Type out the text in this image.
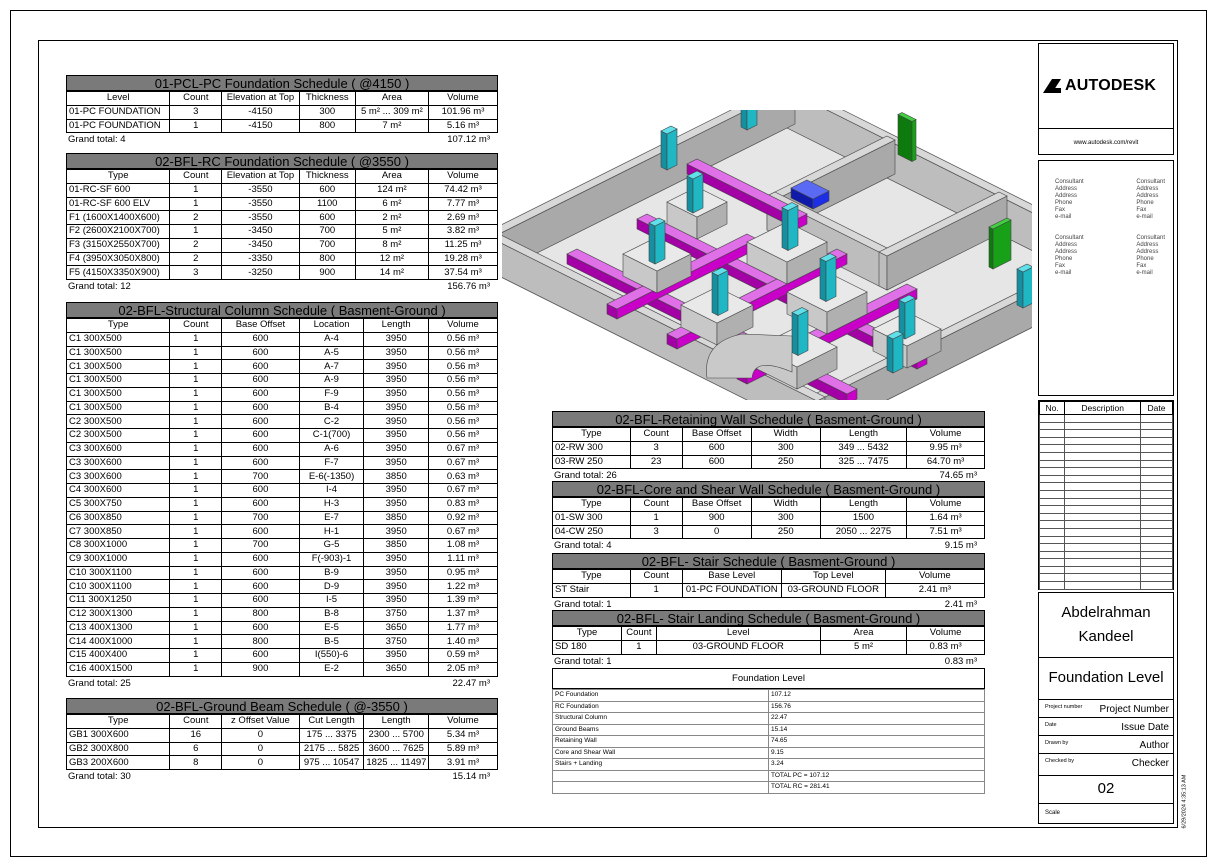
01-PCL-PC Foundation Schedule ( @4150 )
Level	Count	Elevation at Top	Thickness	Area	Volume
01-PC FOUNDATION	3	-4150	300	5 m² ... 309 m²	101.96 m³
01-PC FOUNDATION	1	-4150	800	7 m²	5.16 m³
Grand total: 4	107.12 m³
02-BFL-RC Foundation Schedule ( @3550 )
Type	Count	Elevation at Top	Thickness	Area	Volume
01-RC-SF 600	1	-3550	600	124 m²	74.42 m³
01-RC-SF 600 ELV	1	-3550	1100	6 m²	7.77 m³
F1 (1600X1400X600)	2	-3550	600	2 m²	2.69 m³
F2 (2600X2100X700)	1	-3450	700	5 m²	3.82 m³
F3 (3150X2550X700)	2	-3450	700	8 m²	11.25 m³
F4 (3950X3050X800)	2	-3350	800	12 m²	19.28 m³
F5 (4150X3350X900)	3	-3250	900	14 m²	37.54 m³
Grand total: 12	156.76 m³
02-BFL-Structural Column Schedule ( Basment-Ground )
Type	Count	Base Offset	Location	Length	Volume
C1 300X500	1	600	A-4	3950	0.56 m³
C1 300X500	1	600	A-5	3950	0.56 m³
C1 300X500	1	600	A-7	3950	0.56 m³
C1 300X500	1	600	A-9	3950	0.56 m³
C1 300X500	1	600	F-9	3950	0.56 m³
C1 300X500	1	600	B-4	3950	0.56 m³
C2 300X500	1	600	C-2	3950	0.56 m³
C2 300X500	1	600	C-1(700)	3950	0.56 m³
C3 300X600	1	600	A-6	3950	0.67 m³
C3 300X600	1	600	F-7	3950	0.67 m³
C3 300X600	1	700	E-6(-1350)	3850	0.63 m³
C4 300X600	1	600	I-4	3950	0.67 m³
C5 300X750	1	600	H-3	3950	0.83 m³
C6 300X850	1	700	E-7	3850	0.92 m³
C7 300X850	1	600	H-1	3950	0.67 m³
C8 300X1000	1	700	G-5	3850	1.08 m³
C9 300X1000	1	600	F(-903)-1	3950	1.11 m³
C10 300X1100	1	600	B-9	3950	0.95 m³
C10 300X1100	1	600	D-9	3950	1.22 m³
C11 300X1250	1	600	I-5	3950	1.39 m³
C12 300X1300	1	800	B-8	3750	1.37 m³
C13 400X1300	1	600	E-5	3650	1.77 m³
C14 400X1000	1	800	B-5	3750	1.40 m³
C15 400X400	1	600	I(550)-6	3950	0.59 m³
C16 400X1500	1	900	E-2	3650	2.05 m³
Grand total: 25	22.47 m³
02-BFL-Ground Beam Schedule ( @-3550 )
Type	Count	z Offset Value	Cut Length	Length	Volume
GB1 300X600	16	0	175 ... 3375	2300 ... 5700	5.34 m³
GB2 300X800	6	0	2175 ... 5825	3600 ... 7625	5.89 m³
GB3 200X600	8	0	975 ... 10547	1825 ... 11497	3.91 m³
Grand total: 30	15.14 m³
02-BFL-Retaining Wall Schedule ( Basment-Ground )
Type	Count	Base Offset	Width	Length	Volume
02-RW 300	3	600	300	349 ... 5432	9.95 m³
03-RW 250	23	600	250	325 ... 7475	64.70 m³
Grand total: 26	74.65 m³
02-BFL-Core and Shear Wall Schedule ( Basment-Ground )
Type	Count	Base Offset	Width	Length	Volume
01-SW 300	1	900	300	1500	1.64 m³
04-CW 250	3	0	250	2050 ... 2275	7.51 m³
Grand total: 4	9.15 m³
02-BFL- Stair Schedule ( Basment-Ground )
Type	Count	Base Level	Top Level	Volume
ST Stair	1	01-PC FOUNDATION	03-GROUND FLOOR	2.41 m³
Grand total: 1	2.41 m³
02-BFL- Stair Landing Schedule ( Basment-Ground )
Type	Count	Level	Area	Volume
SD 180	1	03-GROUND FLOOR	5 m²	0.83 m³
Grand total: 1	0.83 m³
Foundation Level
PC Foundation	107.12
RC Foundation	156.76
Structural Column	22.47
Ground Beams	15.14
Retaining Wall	74.65
Core and Shear Wall	9.15
Stairs + Landing	3.24
	TOTAL PC = 107.12
	TOTAL RC = 281.41
AUTODESK
www.autodesk.com/revit
Consultant
Address
Address
Phone
Fax
e-mail
Consultant
Address
Address
Phone
Fax
e-mail
Consultant
Address
Address
Phone
Fax
e-mail
Consultant
Address
Address
Phone
Fax
e-mail
No.	Description	Date

Abdelrahman Kandeel
Foundation Level
Project number Project Number
Date	Issue Date
Drawn by	Author
Checked by	Checker
02
Scale	6/29/2024 4:35:13 AM
